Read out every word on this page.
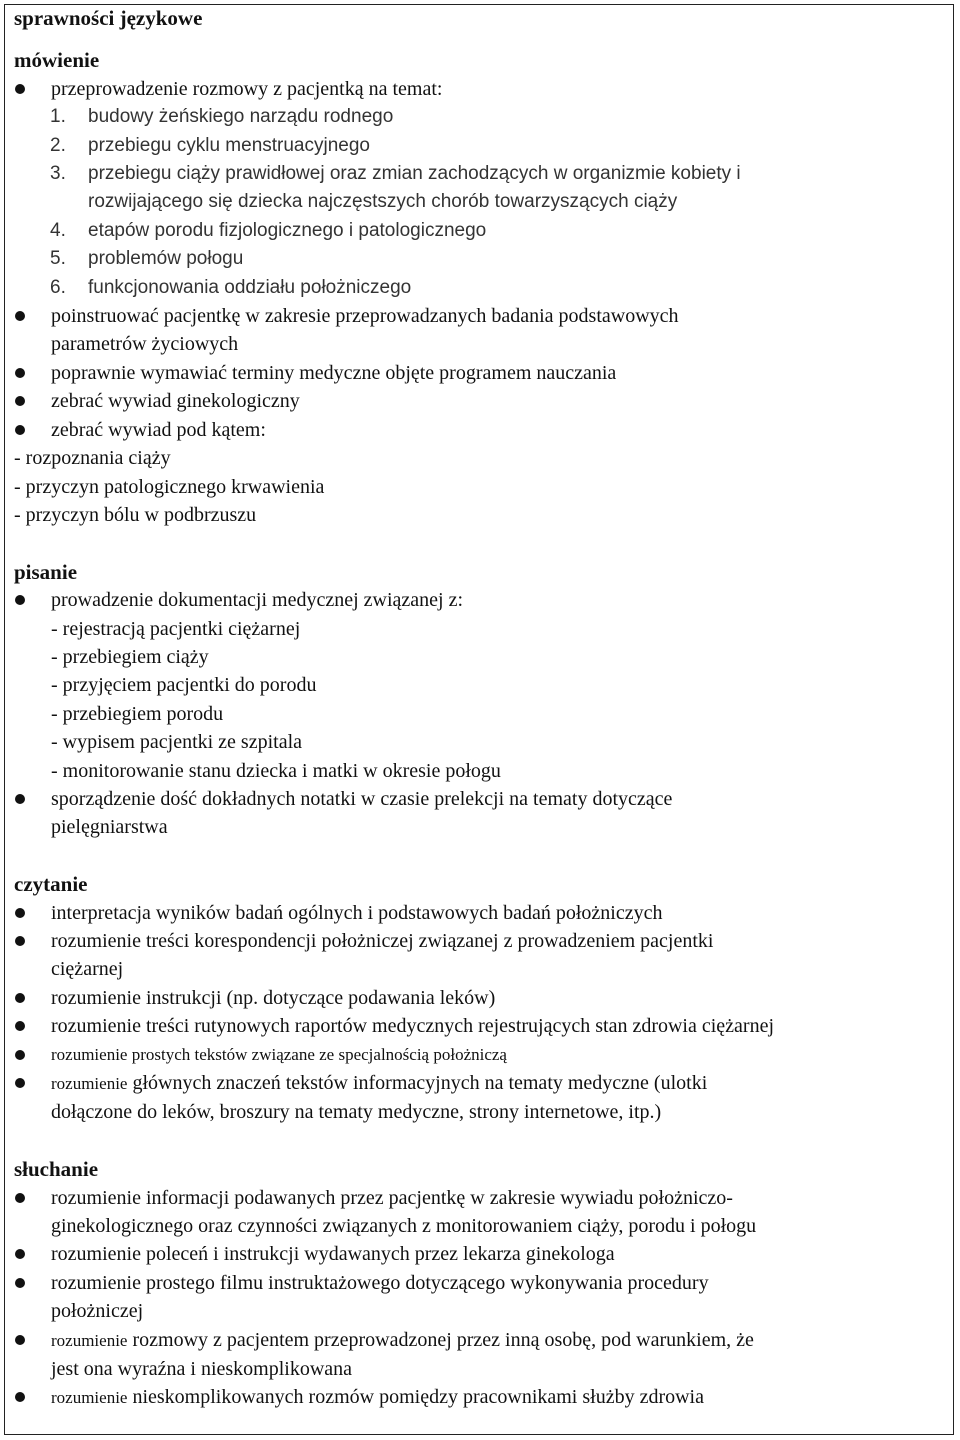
sprawności językowe
mówienie
przeprowadzenie rozmowy z pacjentką na temat:
1. budowy żeńskiego narządu rodnego
2. przebiegu cyklu menstruacyjnego
3. przebiegu ciąży prawidłowej oraz zmian zachodzących w organizmie kobiety i
rozwijającego się dziecka najczęstszych chorób towarzyszących ciąży
4. etapów porodu fizjologicznego i patologicznego
5. problemów połogu
6. funkcjonowania oddziału położniczego
poinstruować pacjentkę w zakresie przeprowadzanych badania podstawowych
parametrów życiowych
poprawnie wymawiać terminy medyczne objęte programem nauczania
zebrać wywiad ginekologiczny
zebrać wywiad pod kątem:
- rozpoznania ciąży
- przyczyn patologicznego krwawienia
- przyczyn bólu w podbrzuszu
pisanie
prowadzenie dokumentacji medycznej związanej z:
- rejestracją pacjentki ciężarnej
- przebiegiem ciąży
- przyjęciem pacjentki do porodu
- przebiegiem porodu
- wypisem pacjentki ze szpitala
- monitorowanie stanu dziecka i matki w okresie połogu
sporządzenie dość dokładnych notatki w czasie prelekcji na tematy dotyczące
pielęgniarstwa
czytanie
interpretacja wyników badań ogólnych i podstawowych badań położniczych
rozumienie treści korespondencji położniczej związanej z prowadzeniem pacjentki
ciężarnej
rozumienie instrukcji (np. dotyczące podawania leków)
rozumienie treści rutynowych raportów medycznych rejestrujących stan zdrowia ciężarnej
rozumienie prostych tekstów związane ze specjalnością położniczą
rozumienie głównych znaczeń tekstów informacyjnych na tematy medyczne (ulotki
dołączone do leków, broszury na tematy medyczne, strony internetowe, itp.)
słuchanie
rozumienie informacji podawanych przez pacjentkę w zakresie wywiadu położniczo-
ginekologicznego oraz czynności związanych z monitorowaniem ciąży, porodu i połogu
rozumienie poleceń i instrukcji wydawanych przez lekarza ginekologa
rozumienie prostego filmu instruktażowego dotyczącego wykonywania procedury
położniczej
rozumienie rozmowy z pacjentem przeprowadzonej przez inną osobę, pod warunkiem, że
jest ona wyraźna i nieskomplikowana
rozumienie nieskomplikowanych rozmów pomiędzy pracownikami służby zdrowia
